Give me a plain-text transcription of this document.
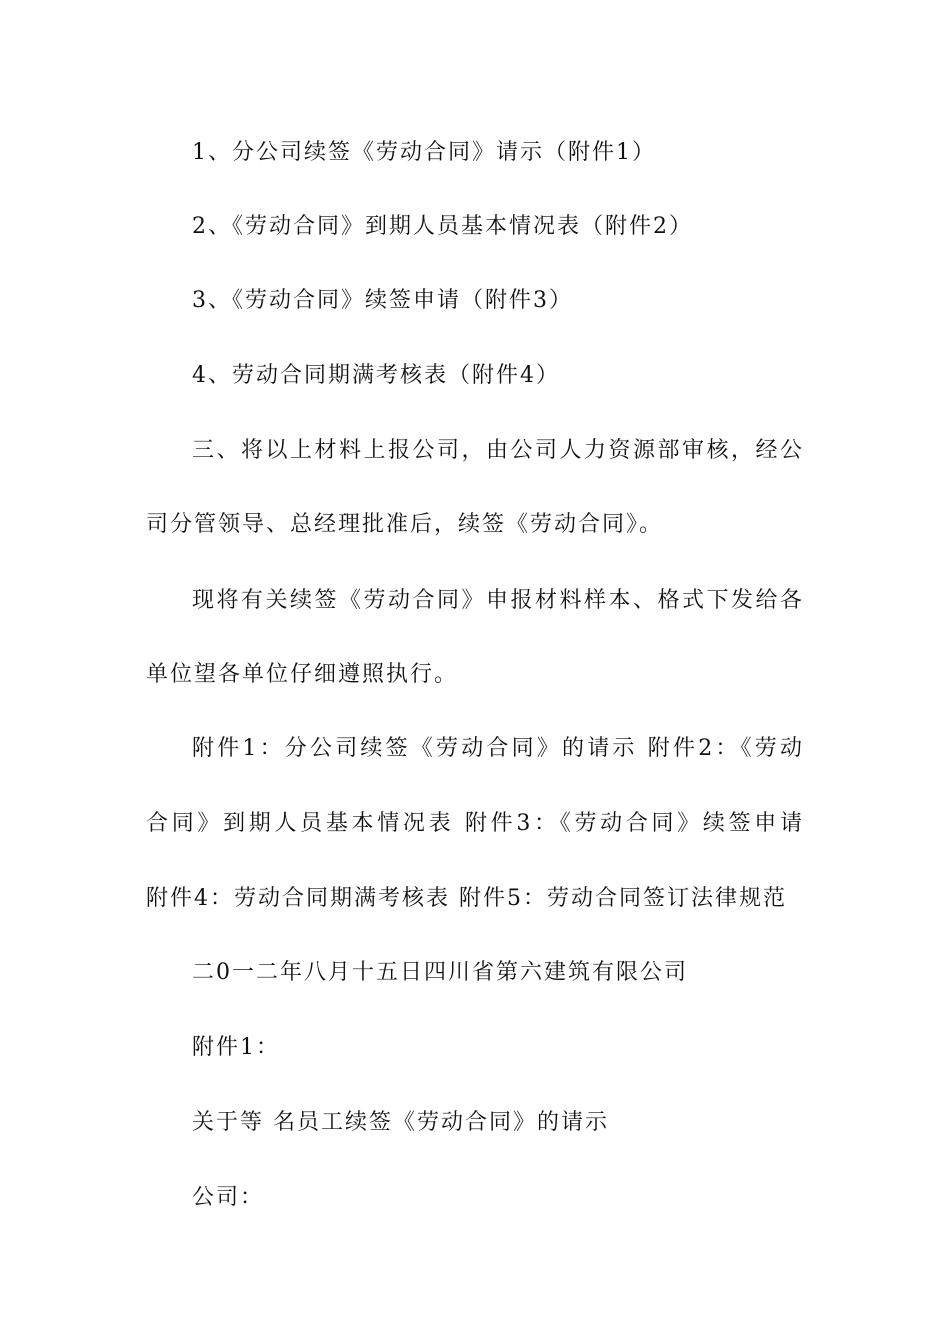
1、分公司续签《劳动合同》请示（附件1）
2、《劳动合同》到期人员基本情况表（附件2）
3、《劳动合同》续签申请（附件3）
4、劳动合同期满考核表（附件4）
三、将以上材料上报公司，由公司人力资源部审核，经公
司分管领导、总经理批准后，续签《劳动合同》。
现将有关续签《劳动合同》申报材料样本、格式下发给各
单位望各单位仔细遵照执行。
附件1：分公司续签《劳动合同》的请示 附件2：《劳动
合同》到期人员基本情况表 附件3：《劳动合同》续签申请
附件4：劳动合同期满考核表 附件5：劳动合同签订法律规范
二0一二年八月十五日四川省第六建筑有限公司
附件1：
关于等 名员工续签《劳动合同》的请示
公司：
